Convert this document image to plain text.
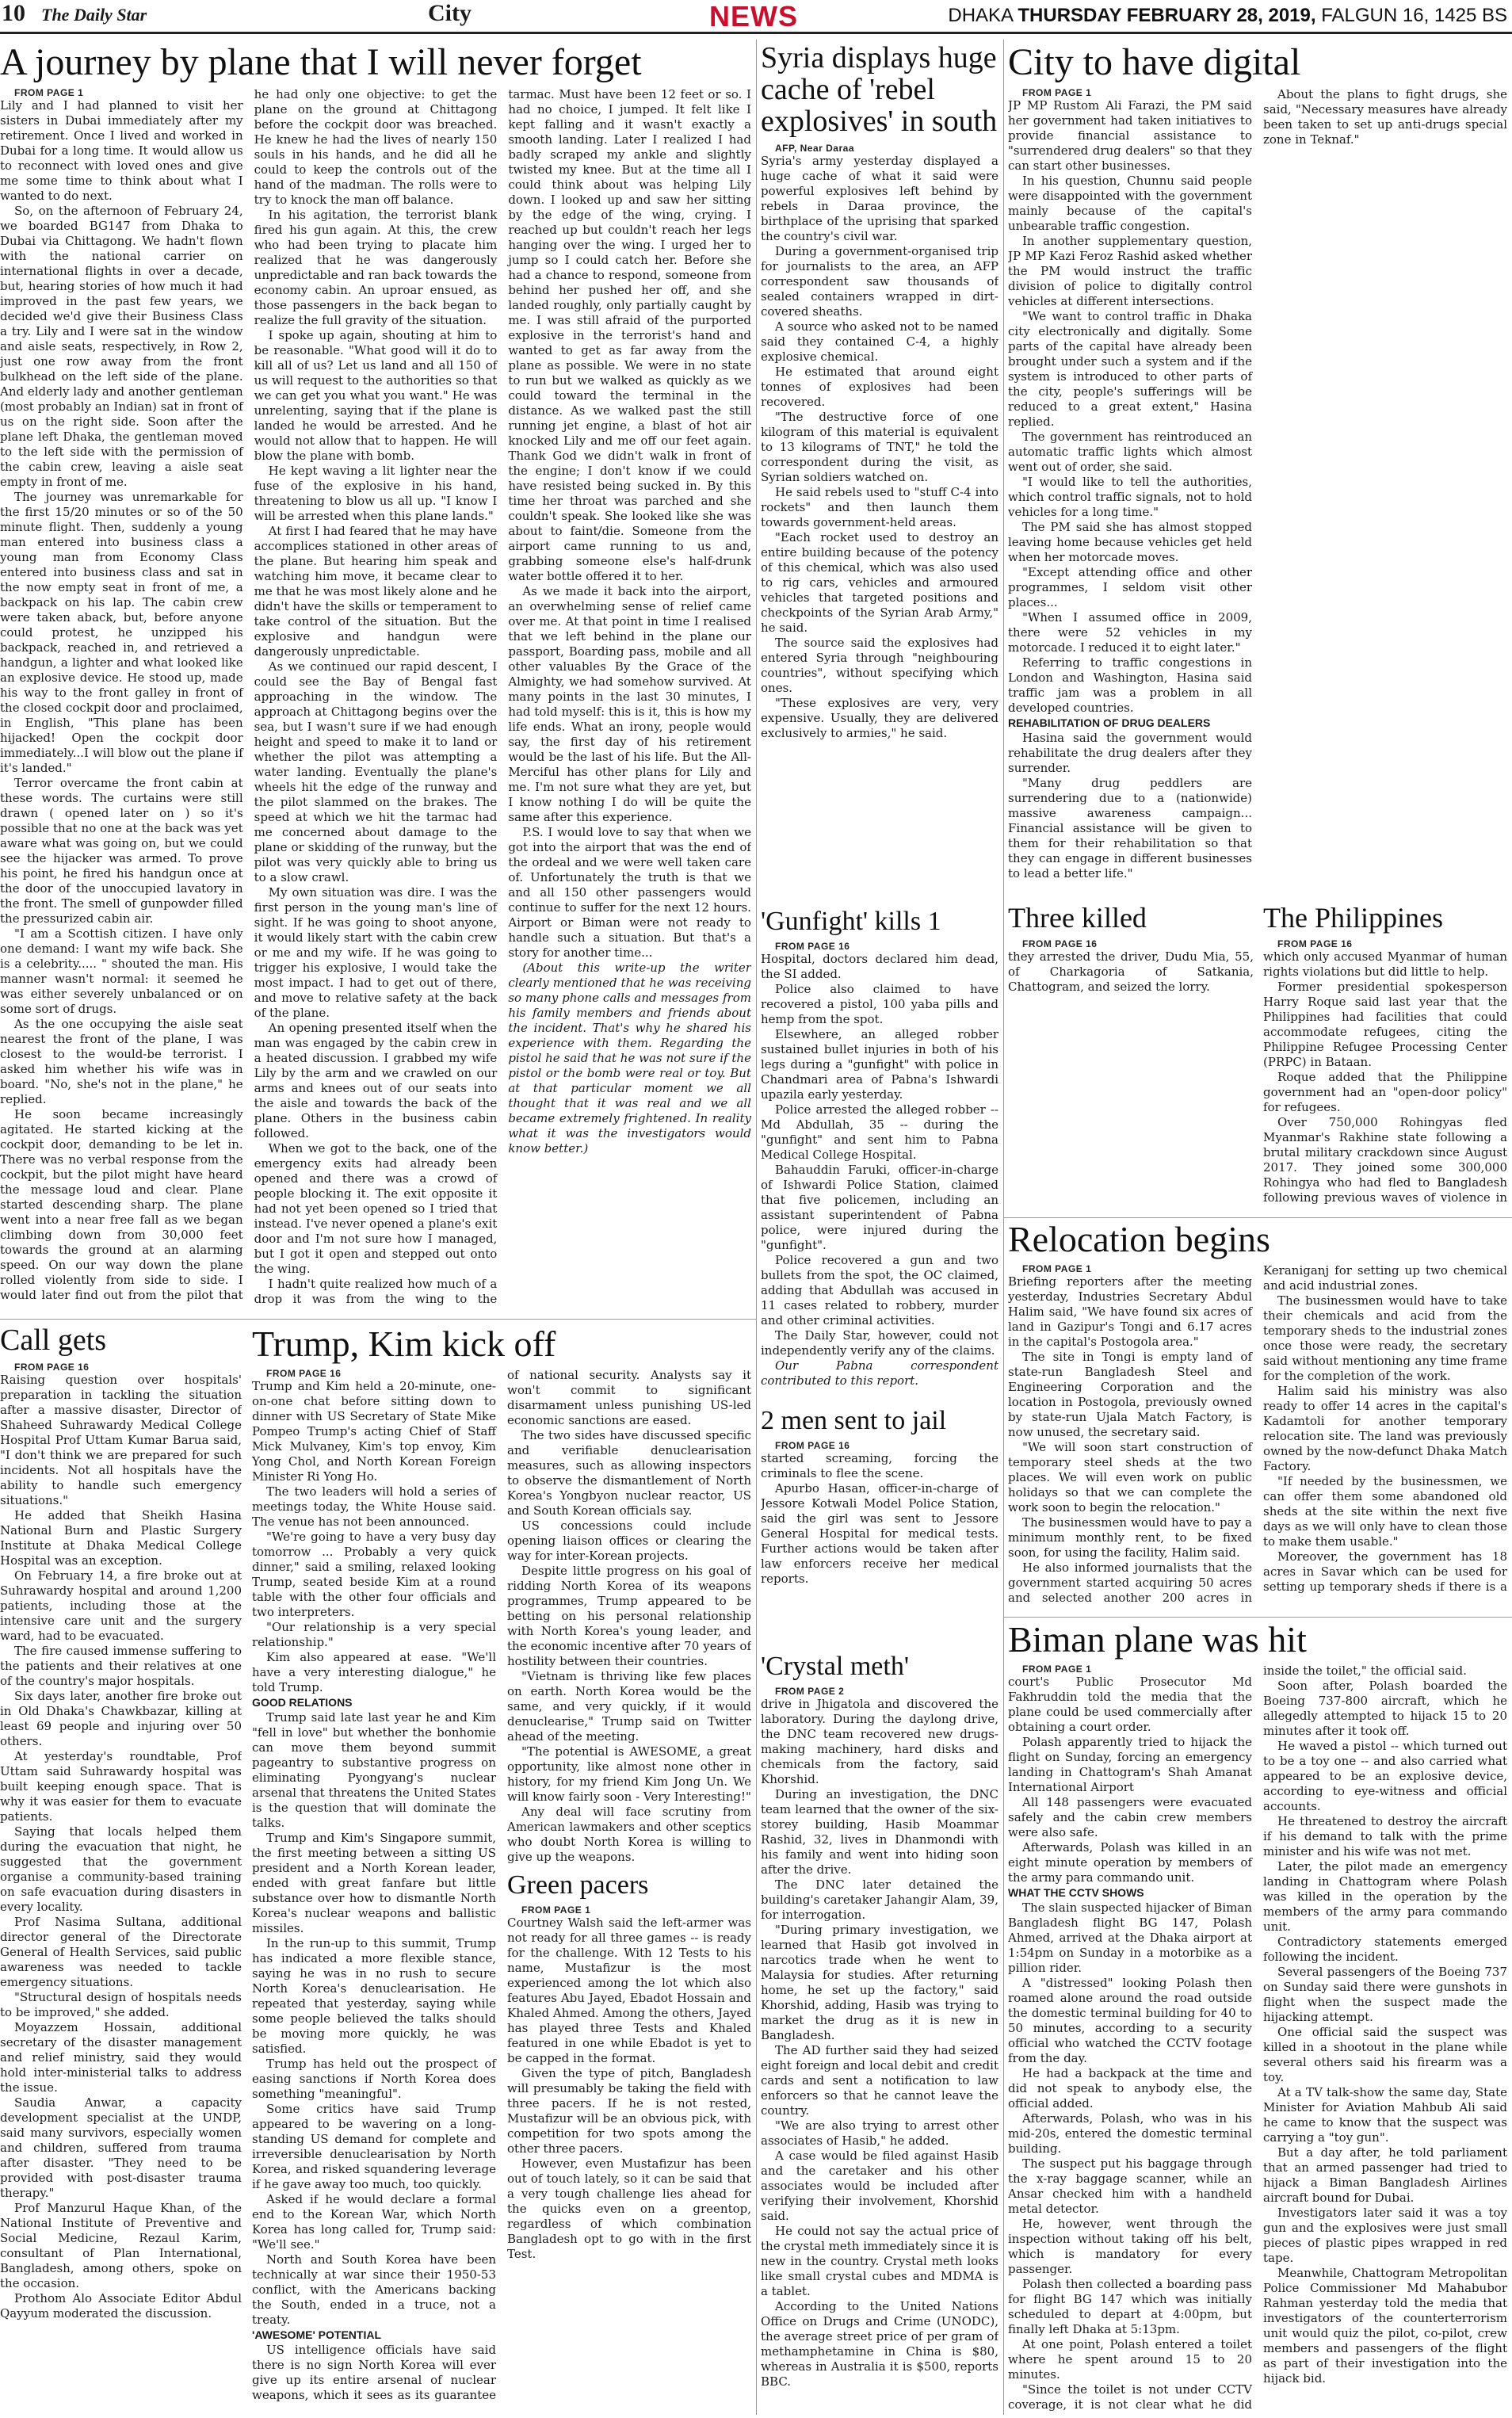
10 The Daily Star	City	NEWS	DHAKA THURSDAY FEBRUARY 28, 2019, FALGUN 16, 1425 BS
A journey by plane that I will never forget

FROM PAGE 1

Lily and I had planned to visit her sisters in Dubai immediately after my retirement. Once I lived and worked in Dubai for a long time. It would allow us to reconnect with loved ones and give me some time to think about what I wanted to do next.

So, on the afternoon of February 24, we boarded BG147 from Dhaka to Dubai via Chittagong. We hadn't flown with the national carrier on international flights in over a decade, but, hearing stories of how much it had improved in the past few years, we decided we'd give their Business Class a try. Lily and I were sat in the window and aisle seats, respectively, in Row 2, just one row away from the front bulkhead on the left side of the plane. And elderly lady and another gentleman (most probably an Indian) sat in front of us on the right side. Soon after the plane left Dhaka, the gentleman moved to the left side with the permission of the cabin crew, leaving a aisle seat empty in front of me.

The journey was unremarkable for the first 15/20 minutes or so of the 50 minute flight. Then, suddenly a young man entered into business class a young man from Economy Class entered into business class and sat in the now empty seat in front of me, a backpack on his lap. The cabin crew were taken aback, but, before anyone could protest, he unzipped his backpack, reached in, and retrieved a handgun, a lighter and what looked like an explosive device. He stood up, made his way to the front galley in front of the closed cockpit door and proclaimed, in English, "This plane has been hijacked! Open the cockpit door immediately...I will blow out the plane if it's landed."

Terror overcame the front cabin at these words. The curtains were still drawn ( opened later on ) so it's possible that no one at the back was yet aware what was going on, but we could see the hijacker was armed. To prove his point, he fired his handgun once at the door of the unoccupied lavatory in the front. The smell of gunpowder filled the pressurized cabin air.

"I am a Scottish citizen. I have only one demand: I want my wife back. She is a celebrity..... " shouted the man. His manner wasn't normal: it seemed he was either severely unbalanced or on some sort of drugs.

As the one occupying the aisle seat nearest the front of the plane, I was closest to the would-be terrorist. I asked him whether his wife was in board. "No, she's not in the plane," he replied.

He soon became increasingly agitated. He started kicking at the cockpit door, demanding to be let in. There was no verbal response from the cockpit, but the pilot might have heard the message loud and clear. Plane started descending sharp. The plane went into a near free fall as we began climbing down from 30,000 feet towards the ground at an alarming speed. On our way down the plane rolled violently from side to side. I would later find out from the pilot that he had only one objective: to get the plane on the ground at Chittagong before the cockpit door was breached. He knew he had the lives of nearly 150 souls in his hands, and he did all he could to keep the controls out of the hand of the madman. The rolls were to try to knock the man off balance.

In his agitation, the terrorist blank fired his gun again. At this, the crew who had been trying to placate him realized that he was dangerously unpredictable and ran back towards the economy cabin. An uproar ensued, as those passengers in the back began to realize the full gravity of the situation.

I spoke up again, shouting at him to be reasonable. "What good will it do to kill all of us? Let us land and all 150 of us will request to the authorities so that we can get you what you want." He was unrelenting, saying that if the plane is landed he would be arrested. And he would not allow that to happen. He will blow the plane with bomb.

He kept waving a lit lighter near the fuse of the explosive in his hand, threatening to blow us all up. "I know I will be arrested when this plane lands."

At first I had feared that he may have accomplices stationed in other areas of the plane. But hearing him speak and watching him move, it became clear to me that he was most likely alone and he didn't have the skills or temperament to take control of the situation. But the explosive and handgun were dangerously unpredictable.

As we continued our rapid descent, I could see the Bay of Bengal fast approaching in the window. The approach at Chittagong begins over the sea, but I wasn't sure if we had enough height and speed to make it to land or whether the pilot was attempting a water landing. Eventually the plane's wheels hit the edge of the runway and the pilot slammed on the brakes. The speed at which we hit the tarmac had me concerned about damage to the plane or skidding of the runway, but the pilot was very quickly able to bring us to a slow crawl.

My own situation was dire. I was the first person in the young man's line of sight. If he was going to shoot anyone, it would likely start with the cabin crew or me and my wife. If he was going to trigger his explosive, I would take the most impact. I had to get out of there, and move to relative safety at the back of the plane.

An opening presented itself when the man was engaged by the cabin crew in a heated discussion. I grabbed my wife Lily by the arm and we crawled on our arms and knees out of our seats into the aisle and towards the back of the plane. Others in the business cabin followed.

When we got to the back, one of the emergency exits had already been opened and there was a crowd of people blocking it. The exit opposite it had not yet been opened so I tried that instead. I've never opened a plane's exit door and I'm not sure how I managed, but I got it open and stepped out onto the wing.

I hadn't quite realized how much of a drop it was from the wing to the tarmac. Must have been 12 feet or so. I had no choice, I jumped. It felt like I kept falling and it wasn't exactly a smooth landing. Later I realized I had badly scraped my ankle and slightly twisted my knee. But at the time all I could think about was helping Lily down. I looked up and saw her sitting by the edge of the wing, crying. I reached up but couldn't reach her legs hanging over the wing. I urged her to jump so I could catch her. Before she had a chance to respond, someone from behind her pushed her off, and she landed roughly, only partially caught by me. I was still afraid of the purported explosive in the terrorist's hand and wanted to get as far away from the plane as possible. We were in no state to run but we walked as quickly as we could toward the terminal in the distance. As we walked past the still running jet engine, a blast of hot air knocked Lily and me off our feet again. Thank God we didn't walk in front of the engine; I don't know if we could have resisted being sucked in. By this time her throat was parched and she couldn't speak. She looked like she was about to faint/die. Someone from the airport came running to us and, grabbing someone else's half-drunk water bottle offered it to her.

As we made it back into the airport, an overwhelming sense of relief came over me. At that point in time I realised that we left behind in the plane our passport, Boarding pass, mobile and all other valuables By the Grace of the Almighty, we had somehow survived. At many points in the last 30 minutes, I had told myself: this is it, this is how my life ends. What an irony, people would say, the first day of his retirement would be the last of his life. But the All-Merciful has other plans for Lily and me. I'm not sure what they are yet, but I know nothing I do will be quite the same after this experience.

P.S. I would love to say that when we got into the airport that was the end of the ordeal and we were well taken care of. Unfortunately the truth is that we and all 150 other passengers would continue to suffer for the next 12 hours. Airport or Biman were not ready to handle such a situation. But that's a story for another time...

(About this write-up the writer clearly mentioned that he was receiving so many phone calls and messages from his family members and friends about the incident. That's why he shared his experience with them. Regarding the pistol he said that he was not sure if the pistol or the bomb were real or toy. But at that particular moment we all thought that it was real and we all became extremely frightened. In reality what it was the investigators would know better.)

Syria displays huge cache of 'rebel explosives' in south

AFP, Near Daraa

Syria's army yesterday displayed a huge cache of what it said were powerful explosives left behind by rebels in Daraa province, the birthplace of the uprising that sparked the country's civil war.

During a government-organised trip for journalists to the area, an AFP correspondent saw thousands of sealed containers wrapped in dirt-covered sheaths.

A source who asked not to be named said they contained C-4, a highly explosive chemical.

He estimated that around eight tonnes of explosives had been recovered.

"The destructive force of one kilogram of this material is equivalent to 13 kilograms of TNT," he told the correspondent during the visit, as Syrian soldiers watched on.

He said rebels used to "stuff C-4 into rockets" and then launch them towards government-held areas.

"Each rocket used to destroy an entire building because of the potency of this chemical, which was also used to rig cars, vehicles and armoured vehicles that targeted positions and checkpoints of the Syrian Arab Army," he said.

The source said the explosives had entered Syria through "neighbouring countries", without specifying which ones.

"These explosives are very, very expensive. Usually, they are delivered exclusively to armies," he said.

City to have digital

FROM PAGE 1

JP MP Rustom Ali Farazi, the PM said her government had taken initiatives to provide financial assistance to "surrendered drug dealers" so that they can start other businesses.

In his question, Chunnu said people were disappointed with the government mainly because of the capital's unbearable traffic congestion.

In another supplementary question, JP MP Kazi Feroz Rashid asked whether the PM would instruct the traffic division of police to digitally control vehicles at different intersections.

"We want to control traffic in Dhaka city electronically and digitally. Some parts of the capital have already been brought under such a system and if the system is introduced to other parts of the city, people's sufferings will be reduced to a great extent," Hasina replied.

The government has reintroduced an automatic traffic lights which almost went out of order, she said.

"I would like to tell the authorities, which control traffic signals, not to hold vehicles for a long time."

The PM said she has almost stopped leaving home because vehicles get held when her motorcade moves.

"Except attending office and other programmes, I seldom visit other places...

"When I assumed office in 2009, there were 52 vehicles in my motorcade. I reduced it to eight later."

Referring to traffic congestions in London and Washington, Hasina said traffic jam was a problem in all developed countries.

REHABILITATION OF DRUG DEALERS

Hasina said the government would rehabilitate the drug dealers after they surrender.

"Many drug peddlers are surrendering due to a (nationwide) massive awareness campaign... Financial assistance will be given to them for their rehabilitation so that they can engage in different businesses to lead a better life."

About the plans to fight drugs, she said, "Necessary measures have already been taken to set up anti-drugs special zone in Teknaf."

Three killed

FROM PAGE 16

they arrested the driver, Dudu Mia, 55, of Charkagoria of Satkania, Chattogram, and seized the lorry.

The Philippines

FROM PAGE 16

which only accused Myanmar of human rights violations but did little to help.

Former presidential spokesperson Harry Roque said last year that the Philippines had facilities that could accommodate refugees, citing the Philippine Refugee Processing Center (PRPC) in Bataan.

Roque added that the Philippine government had an "open-door policy" for refugees.

Over 750,000 Rohingyas fled Myanmar's Rakhine state following a brutal military crackdown since August 2017. They joined some 300,000 Rohingya who had fled to Bangladesh following previous waves of violence in

'Gunfight' kills 1

FROM PAGE 16

Hospital, doctors declared him dead, the SI added.

Police also claimed to have recovered a pistol, 100 yaba pills and hemp from the spot.

Elsewhere, an alleged robber sustained bullet injuries in both of his legs during a "gunfight" with police in Chandmari area of Pabna's Ishwardi upazila early yesterday.

Police arrested the alleged robber -- Md Abdullah, 35 -- during the "gunfight" and sent him to Pabna Medical College Hospital.

Bahauddin Faruki, officer-in-charge of Ishwardi Police Station, claimed that five policemen, including an assistant superintendent of Pabna police, were injured during the "gunfight".

Police recovered a gun and two bullets from the spot, the OC claimed, adding that Abdullah was accused in 11 cases related to robbery, murder and other criminal activities.

The Daily Star, however, could not independently verify any of the claims.

Our Pabna correspondent contributed to this report.

Relocation begins

FROM PAGE 1

Briefing reporters after the meeting yesterday, Industries Secretary Abdul Halim said, "We have found six acres of land in Gazipur's Tongi and 6.17 acres in the capital's Postogola area."

The site in Tongi is empty land of state-run Bangladesh Steel and Engineering Corporation and the location in Postogola, previously owned by state-run Ujala Match Factory, is now unused, the secretary said.

"We will soon start construction of temporary steel sheds at the two places. We will even work on public holidays so that we can complete the work soon to begin the relocation."

The businessmen would have to pay a minimum monthly rent, to be fixed soon, for using the facility, Halim said.

He also informed journalists that the government started acquiring 50 acres and selected another 200 acres in Keraniganj for setting up two chemical and acid industrial zones.

The businessmen would have to take their chemicals and acid from the temporary sheds to the industrial zones once those were ready, the secretary said without mentioning any time frame for the completion of the work.

Halim said his ministry was also ready to offer 14 acres in the capital's Kadamtoli for another temporary relocation site. The land was previously owned by the now-defunct Dhaka Match Factory.

"If needed by the businessmen, we can offer them some abandoned old sheds at the site within the next five days as we will only have to clean those to make them usable."

Moreover, the government has 18 acres in Savar which can be used for setting up temporary sheds if there is a

Call gets

FROM PAGE 16

Raising question over hospitals' preparation in tackling the situation after a massive disaster, Director of Shaheed Suhrawardy Medical College Hospital Prof Uttam Kumar Barua said, "I don't think we are prepared for such incidents. Not all hospitals have the ability to handle such emergency situations."

He added that Sheikh Hasina National Burn and Plastic Surgery Institute at Dhaka Medical College Hospital was an exception.

On February 14, a fire broke out at Suhrawardy hospital and around 1,200 patients, including those at the intensive care unit and the surgery ward, had to be evacuated.

The fire caused immense suffering to the patients and their relatives at one of the country's major hospitals.

Six days later, another fire broke out in Old Dhaka's Chawkbazar, killing at least 69 people and injuring over 50 others.

At yesterday's roundtable, Prof Uttam said Suhrawardy hospital was built keeping enough space. That is why it was easier for them to evacuate patients.

Saying that locals helped them during the evacuation that night, he suggested that the government organise a community-based training on safe evacuation during disasters in every locality.

Prof Nasima Sultana, additional director general of the Directorate General of Health Services, said public awareness was needed to tackle emergency situations.

"Structural design of hospitals needs to be improved," she added.

Moyazzem Hossain, additional secretary of the disaster management and relief ministry, said they would hold inter-ministerial talks to address the issue.

Saudia Anwar, a capacity development specialist at the UNDP, said many survivors, especially women and children, suffered from trauma after disaster. "They need to be provided with post-disaster trauma therapy."

Prof Manzurul Haque Khan, of the National Institute of Preventive and Social Medicine, Rezaul Karim, consultant of Plan International, Bangladesh, among others, spoke on the occasion.

Prothom Alo Associate Editor Abdul Qayyum moderated the discussion.

Trump, Kim kick off

FROM PAGE 16

Trump and Kim held a 20-minute, one-on-one chat before sitting down to dinner with US Secretary of State Mike Pompeo Trump's acting Chief of Staff Mick Mulvaney, Kim's top envoy, Kim Yong Chol, and North Korean Foreign Minister Ri Yong Ho.

The two leaders will hold a series of meetings today, the White House said. The venue has not been announced.

"We're going to have a very busy day tomorrow ... Probably a very quick dinner," said a smiling, relaxed looking Trump, seated beside Kim at a round table with the other four officials and two interpreters.

"Our relationship is a very special relationship."

Kim also appeared at ease. "We'll have a very interesting dialogue," he told Trump.

GOOD RELATIONS

Trump said late last year he and Kim "fell in love" but whether the bonhomie can move them beyond summit pageantry to substantive progress on eliminating Pyongyang's nuclear arsenal that threatens the United States is the question that will dominate the talks.

Trump and Kim's Singapore summit, the first meeting between a sitting US president and a North Korean leader, ended with great fanfare but little substance over how to dismantle North Korea's nuclear weapons and ballistic missiles.

In the run-up to this summit, Trump has indicated a more flexible stance, saying he was in no rush to secure North Korea's denuclearisation. He repeated that yesterday, saying while some people believed the talks should be moving more quickly, he was satisfied.

Trump has held out the prospect of easing sanctions if North Korea does something "meaningful".

Some critics have said Trump appeared to be wavering on a long-standing US demand for complete and irreversible denuclearisation by North Korea, and risked squandering leverage if he gave away too much, too quickly.

Asked if he would declare a formal end to the Korean War, which North Korea has long called for, Trump said: "We'll see."

North and South Korea have been technically at war since their 1950-53 conflict, with the Americans backing the South, ended in a truce, not a treaty.

'AWESOME' POTENTIAL

US intelligence officials have said there is no sign North Korea will ever give up its entire arsenal of nuclear weapons, which it sees as its guarantee of national security. Analysts say it won't commit to significant disarmament unless punishing US-led economic sanctions are eased.

The two sides have discussed specific and verifiable denuclearisation measures, such as allowing inspectors to observe the dismantlement of North Korea's Yongbyon nuclear reactor, US and South Korean officials say.

US concessions could include opening liaison offices or clearing the way for inter-Korean projects.

Despite little progress on his goal of ridding North Korea of its weapons programmes, Trump appeared to be betting on his personal relationship with North Korea's young leader, and the economic incentive after 70 years of hostility between their countries.

"Vietnam is thriving like few places on earth. North Korea would be the same, and very quickly, if it would denuclearise," Trump said on Twitter ahead of the meeting.

"The potential is AWESOME, a great opportunity, like almost none other in history, for my friend Kim Jong Un. We will know fairly soon - Very Interesting!"

Any deal will face scrutiny from American lawmakers and other sceptics who doubt North Korea is willing to give up the weapons.

Green pacers

FROM PAGE 1

Courtney Walsh said the left-armer was not ready for all three games -- is ready for the challenge. With 12 Tests to his name, Mustafizur is the most experienced among the lot which also features Abu Jayed, Ebadot Hossain and Khaled Ahmed. Among the others, Jayed has played three Tests and Khaled featured in one while Ebadot is yet to be capped in the format.

Given the type of pitch, Bangladesh will presumably be taking the field with three pacers. If he is not rested, Mustafizur will be an obvious pick, with competition for two spots among the other three pacers.

However, even Mustafizur has been out of touch lately, so it can be said that a very tough challenge lies ahead for the quicks even on a greentop, regardless of which combination Bangladesh opt to go with in the first Test.

2 men sent to jail

FROM PAGE 16

started screaming, forcing the criminals to flee the scene.

Apurbo Hasan, officer-in-charge of Jessore Kotwali Model Police Station, said the girl was sent to Jessore General Hospital for medical tests. Further actions would be taken after law enforcers receive her medical reports.

'Crystal meth'

FROM PAGE 2

drive in Jhigatola and discovered the laboratory. During the daylong drive, the DNC team recovered new drugs-making machinery, hard disks and chemicals from the factory, said Khorshid.

During an investigation, the DNC team learned that the owner of the six-storey building, Hasib Moammar Rashid, 32, lives in Dhanmondi with his family and went into hiding soon after the drive.

The DNC later detained the building's caretaker Jahangir Alam, 39, for interrogation.

"During primary investigation, we learned that Hasib got involved in narcotics trade when he went to Malaysia for studies. After returning home, he set up the factory," said Khorshid, adding, Hasib was trying to market the drug as it is new in Bangladesh.

The AD further said they had seized eight foreign and local debit and credit cards and sent a notification to law enforcers so that he cannot leave the country.

"We are also trying to arrest other associates of Hasib," he added.

A case would be filed against Hasib and the caretaker and his other associates would be included after verifying their involvement, Khorshid said.

He could not say the actual price of the crystal meth immediately since it is new in the country. Crystal meth looks like small crystal cubes and MDMA is a tablet.

According to the United Nations Office on Drugs and Crime (UNODC), the average street price of per gram of methamphetamine in China is $80, whereas in Australia it is $500, reports BBC.

Biman plane was hit

FROM PAGE 1

court's Public Prosecutor Md Fakhruddin told the media that the plane could be used commercially after obtaining a court order.

Polash apparently tried to hijack the flight on Sunday, forcing an emergency landing in Chattogram's Shah Amanat International Airport

All 148 passengers were evacuated safely and the cabin crew members were also safe.

Afterwards, Polash was killed in an eight minute operation by members of the army para commando unit.

WHAT THE CCTV SHOWS

The slain suspected hijacker of Biman Bangladesh flight BG 147, Polash Ahmed, arrived at the Dhaka airport at 1:54pm on Sunday in a motorbike as a pillion rider.

A "distressed" looking Polash then roamed alone around the road outside the domestic terminal building for 40 to 50 minutes, according to a security official who watched the CCTV footage from the day.

He had a backpack at the time and did not speak to anybody else, the official added.

Afterwards, Polash, who was in his mid-20s, entered the domestic terminal building.

The suspect put his baggage through the x-ray baggage scanner, while an Ansar checked him with a handheld metal detector.

He, however, went through the inspection without taking off his belt, which is mandatory for every passenger.

Polash then collected a boarding pass for flight BG 147 which was initially scheduled to depart at 4:00pm, but finally left Dhaka at 5:13pm.

At one point, Polash entered a toilet where he spent around 15 to 20 minutes.

"Since the toilet is not under CCTV coverage, it is not clear what he did inside the toilet," the official said.

Soon after, Polash boarded the Boeing 737-800 aircraft, which he allegedly attempted to hijack 15 to 20 minutes after it took off.

He waved a pistol -- which turned out to be a toy one -- and also carried what appeared to be an explosive device, according to eye-witness and official accounts.

He threatened to destroy the aircraft if his demand to talk with the prime minister and his wife was not met.

Later, the pilot made an emergency landing in Chattogram where Polash was killed in the operation by the members of the army para commando unit.

Contradictory statements emerged following the incident.

Several passengers of the Boeing 737 on Sunday said there were gunshots in flight when the suspect made the hijacking attempt.

One official said the suspect was killed in a shootout in the plane while several others said his firearm was a toy.

At a TV talk-show the same day, State Minister for Aviation Mahbub Ali said he came to know that the suspect was carrying a "toy gun".

But a day after, he told parliament that an armed passenger had tried to hijack a Biman Bangladesh Airlines aircraft bound for Dubai.

Investigators later said it was a toy gun and the explosives were just small pieces of plastic pipes wrapped in red tape.

Meanwhile, Chattogram Metropolitan Police Commissioner Md Mahabubor Rahman yesterday told the media that investigators of the counterterrorism unit would quiz the pilot, co-pilot, crew members and passengers of the flight as part of their investigation into the hijack bid.
